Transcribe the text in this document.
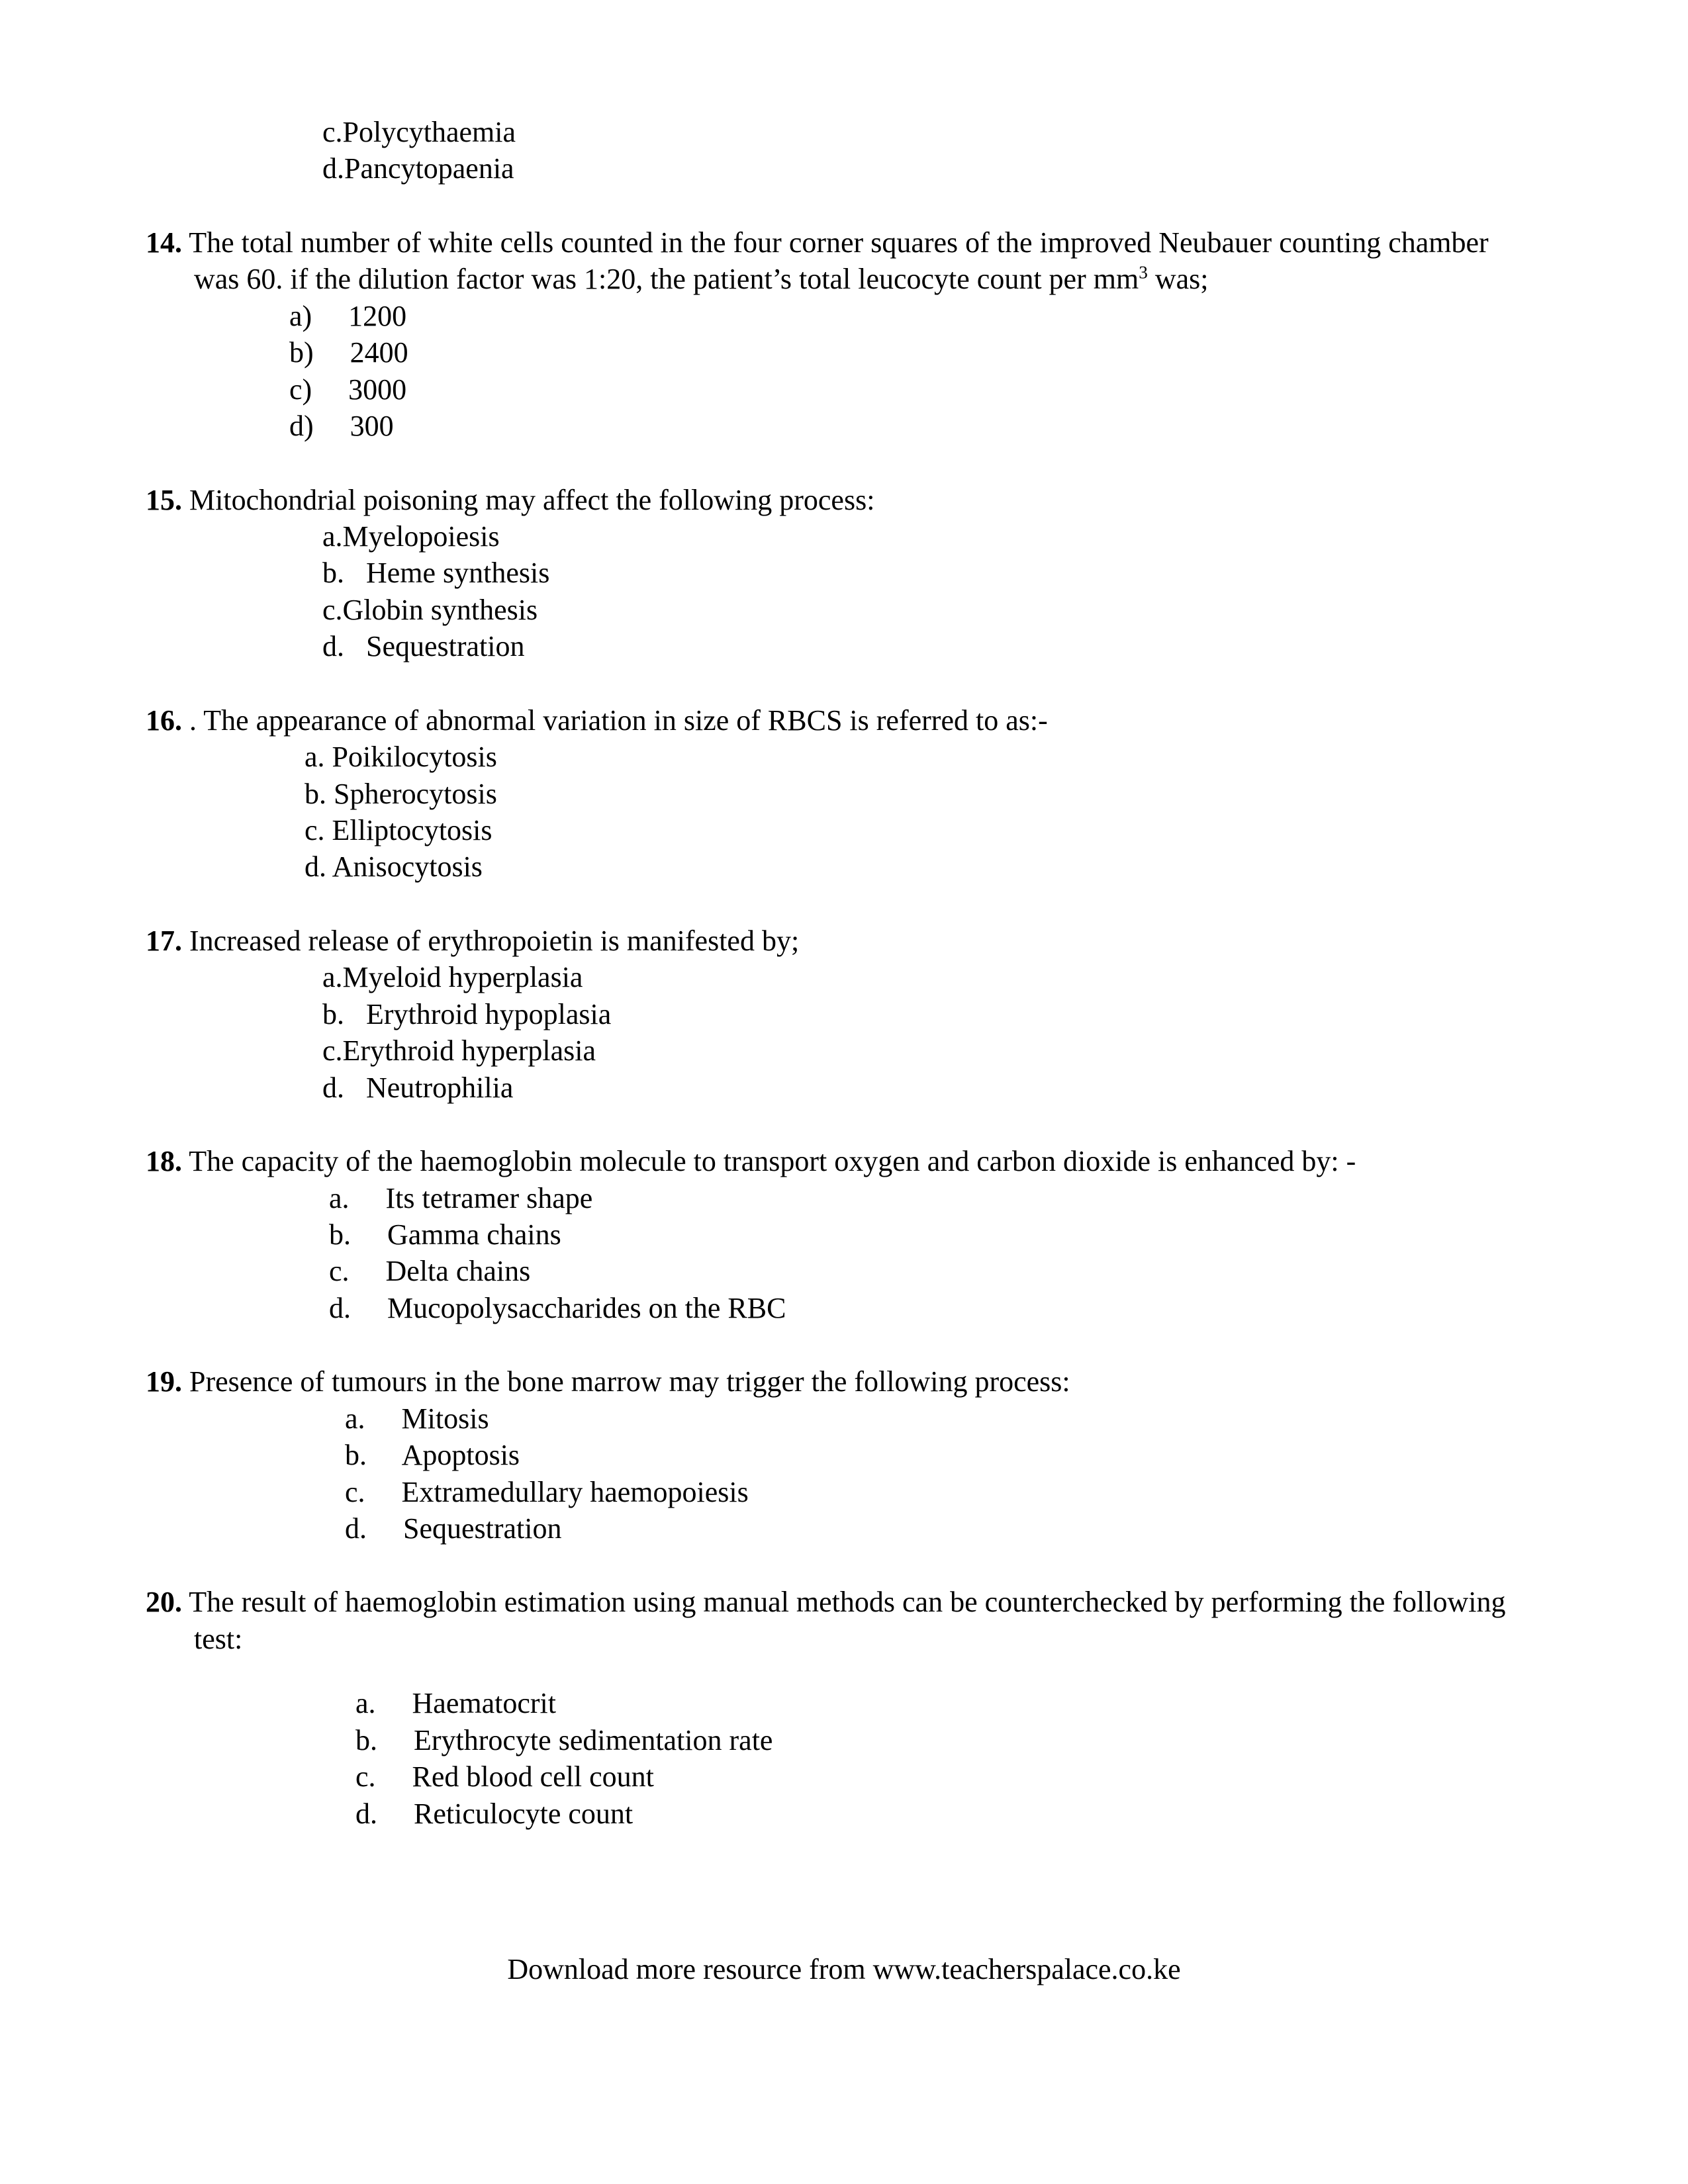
c.Polycythaemia
d.Pancytopaenia
14. The total number of white cells counted in the four corner squares of the improved Neubauer counting chamber was 60. if the dilution factor was 1:20, the patient’s total leucocyte count per $mm^3$ was;
a)  1200
b)  2400
c)  3000
d)  300
15. Mitochondrial poisoning may affect the following process:
a.Myelopoiesis
b.  Heme synthesis
c.Globin synthesis
d.  Sequestration
16. . The appearance of abnormal variation in size of RBCS is referred to as:-
a. Poikilocytosis
b. Spherocytosis
c. Elliptocytosis
d. Anisocytosis
17. Increased release of erythropoietin is manifested by;
a.Myeloid hyperplasia
b.  Erythroid hypoplasia
c.Erythroid hyperplasia
d.  Neutrophilia
18. The capacity of the haemoglobin molecule to transport oxygen and carbon dioxide is enhanced by: -
a.  Its tetramer shape
b.  Gamma chains
c.  Delta chains
d.  Mucopolysaccharides on the RBC
19. Presence of tumours in the bone marrow may trigger the following process:
a.  Mitosis
b.  Apoptosis
c.  Extramedullary haemopoiesis
d.  Sequestration
20. The result of haemoglobin estimation using manual methods can be counterchecked by performing the following test:
a.  Haematocrit
b.  Erythrocyte sedimentation rate
c.  Red blood cell count
d.  Reticulocyte count
Download more resource from www.teacherspalace.co.ke
